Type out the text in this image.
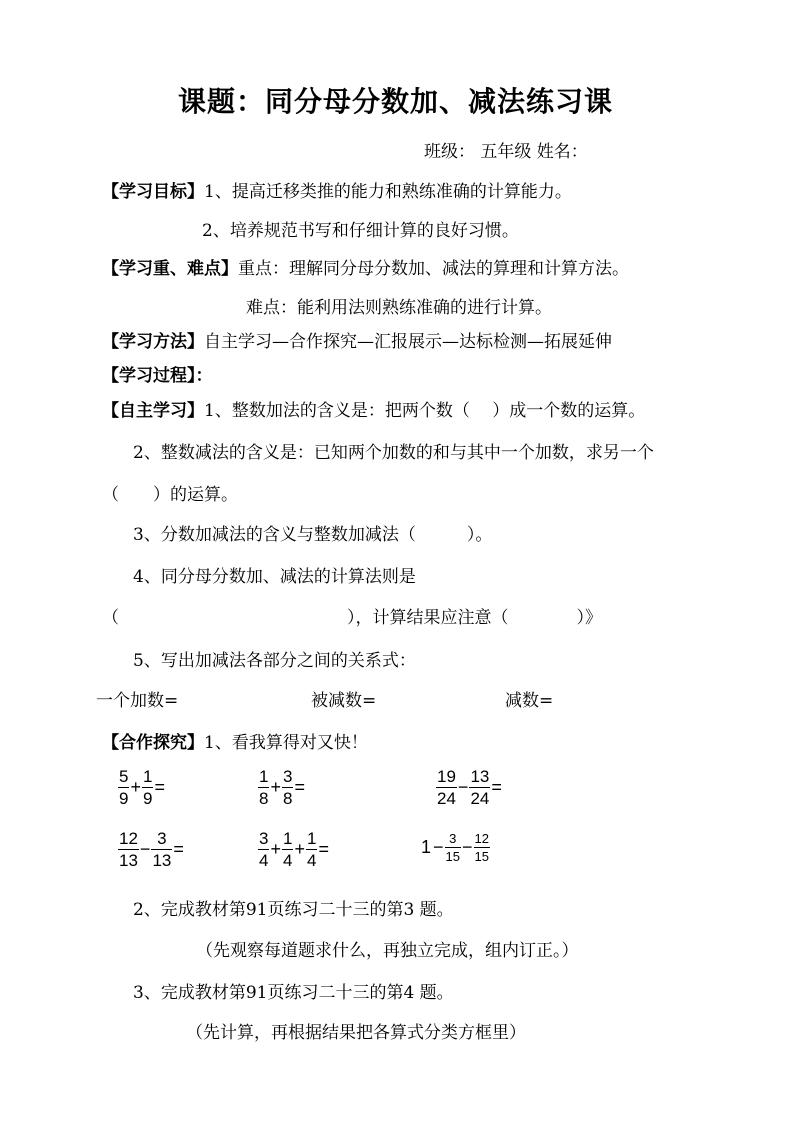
课题：同分母分数加、减法练习课
班级： 五年级 姓名：
【学习目标】1、提高迁移类推的能力和熟练准确的计算能力。
2、培养规范书写和仔细计算的良好习惯。
【学习重、难点】重点：理解同分母分数加、减法的算理和计算方法。
难点：能利用法则熟练准确的进行计算。
【学习方法】自主学习—合作探究—汇报展示—达标检测—拓展延伸
【学习过程】：
【自主学习】1、整数加法的含义是：把两个数（　 ）成一个数的运算。
2、整数减法的含义是：已知两个加数的和与其中一个加数，求另一个
（　　）的运算。
3、分数加减法的含义与整数加减法（　　　）。
4、同分母分数加、减法的计算法则是
（	），计算结果应注意（　　　　）》
5、写出加减法各部分之间的关系式：
一个加数=	被减数=	减数=
【合作探究】1、看我算得对又快！
$\frac{5}{9} + \frac{1}{9}$ =	$\frac{1}{8} + \frac{3}{8}$ =	$\frac{19}{24} - \frac{13}{24}$ =
$\frac{12}{13} - \frac{3}{13}$ =	$\frac{3}{4} + \frac{1}{4} + \frac{1}{4}$ =	$1 - \frac{3}{15} - \frac{12}{15}$
2、完成教材第91页练习二十三的第3 题。
（先观察每道题求什么，再独立完成，组内订正。）
3、完成教材第91页练习二十三的第4 题。
（先计算，再根据结果把各算式分类方框里）
